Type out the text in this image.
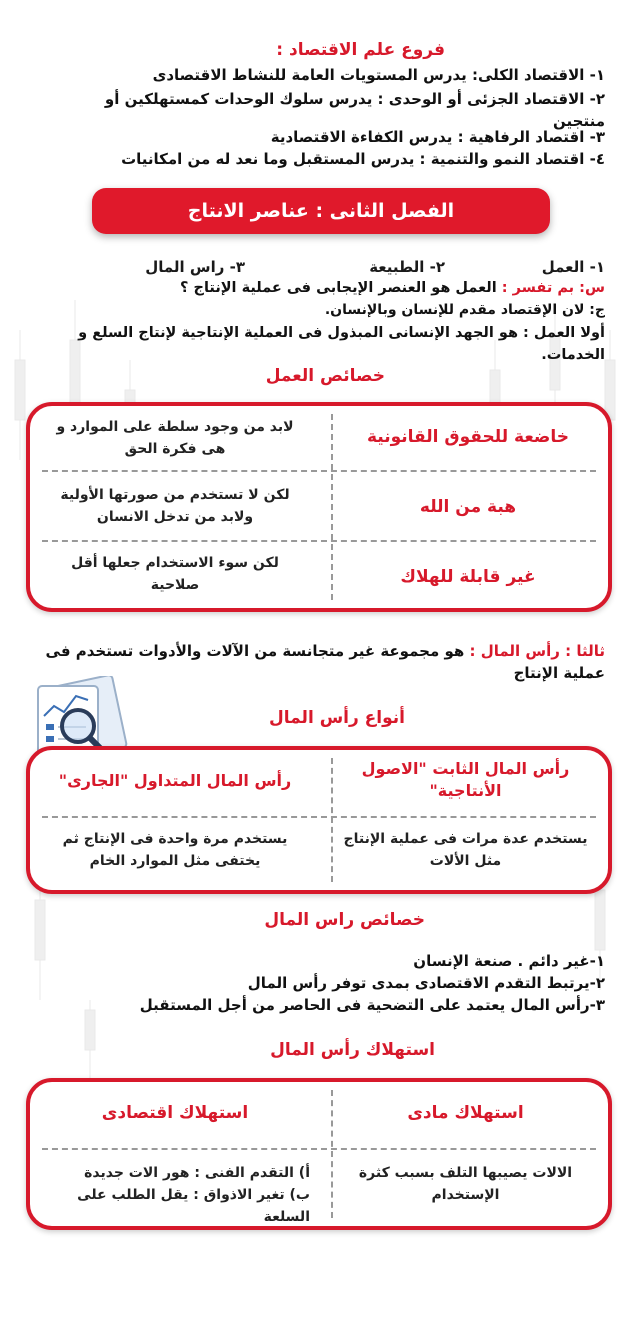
فروع علم الاقتصاد :
١- الاقتصاد الكلى: يدرس المستويات العامة للنشاط الاقتصادى
٢- الاقتصاد الجزئى أو الوحدى : يدرس سلوك الوحدات كمستهلكين أو منتجين
٣- اقتصاد الرفاهية : يدرس الكفاءة الاقتصادية
٤- اقتصاد النمو والتنمية : يدرس المستقبل وما نعد له من امكانيات
الفصل الثانى : عناصر الانتاج
١- العمل
٢- الطبيعة
٣- راس المال
س: بم تفسر : العمل هو العنصر الإيجابى فى عملية الإنتاج ؟
ج: لان الإقتصاد مقدم للإنسان وبالإنسان.
أولا العمل : هو الجهد الإنسانى المبذول فى العملية الإنتاجية لإنتاج السلع و الخدمات.
خصائص العمل
خاضعة للحقوق القانونية
لابد من وجود سلطة على الموارد و هى فكرة الحق
هبة من الله
لكن لا تستخدم من صورتها الأولية ولابد من تدخل الانسان
غير قابلة للهلاك
لكن سوء الاستخدام جعلها أقل صلاحية
ثالثا : رأس المال : هو مجموعة غير متجانسة من الآلات والأدوات تستخدم فى عملية الإنتاج
أنواع رأس المال
رأس المال الثابت "الاصول الأنتاجية"
رأس المال المتداول "الجارى"
يستخدم عدة مرات فى عملية الإنتاج مثل الألات
يستخدم مرة واحدة فى الإنتاج ثم يختفى مثل الموارد الخام
خصائص راس المال
١-غير دائم . صنعة الإنسان
٢-يرتبط التقدم الاقتصادى بمدى توفر رأس المال
٣-رأس المال يعتمد على التضحية فى الحاصر من أجل المستقبل
استهلاك رأس المال
استهلاك مادى
استهلاك اقتصادى
الالات يصيبها التلف بسبب كثرة الإستخدام
أ) التقدم الفنى : هور الات جديدة
ب) تغير الاذواق : يقل الطلب على السلعة
